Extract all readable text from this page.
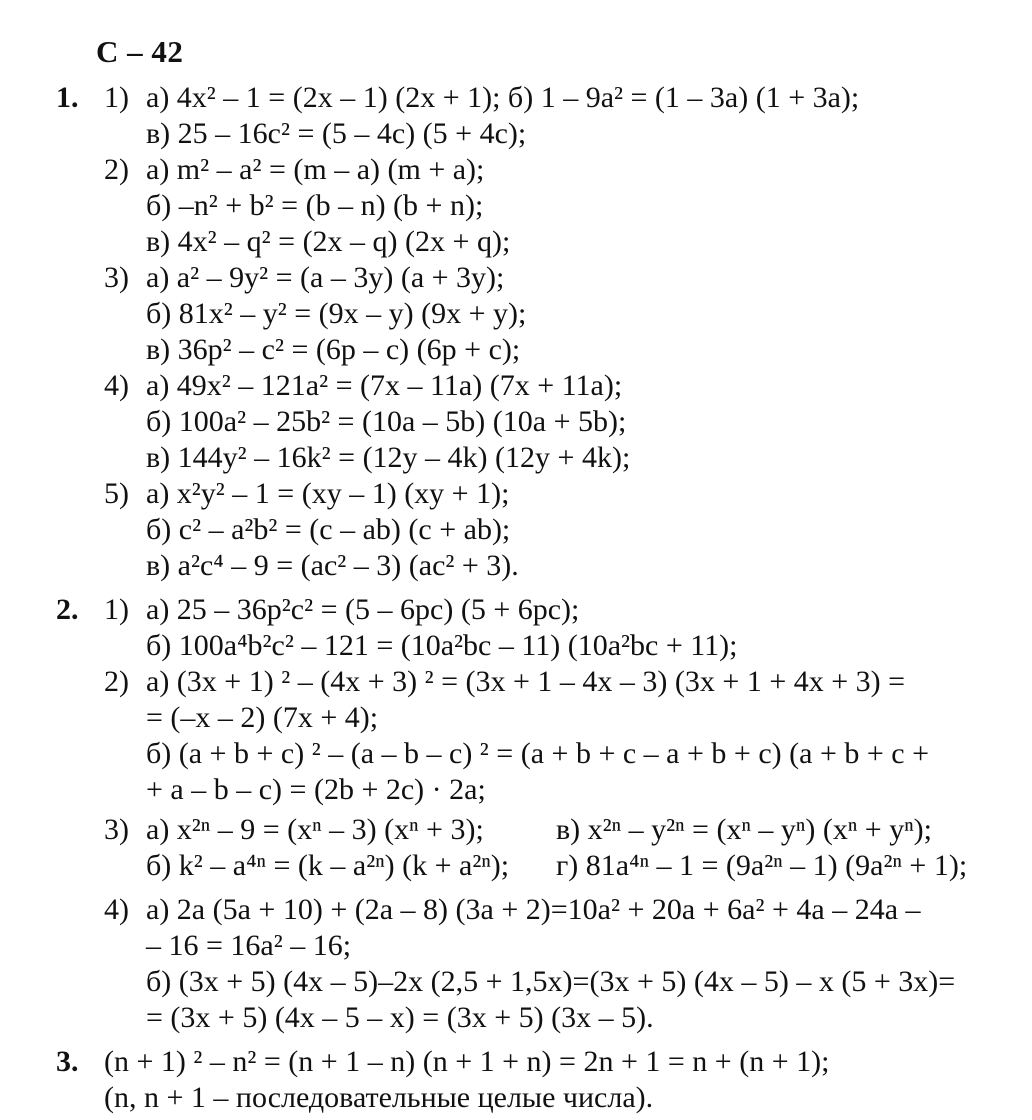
С – 42
1. 1) а) 4x² – 1 = (2x – 1) (2x + 1); б) 1 – 9a² = (1 – 3a) (1 + 3a);
в) 25 – 16c² = (5 – 4c) (5 + 4c);
2) а) m² – a² = (m – a) (m + a);
б) –n² + b² = (b – n) (b + n);
в) 4x² – q² = (2x – q) (2x + q);
3) а) a² – 9y² = (a – 3y) (a + 3y);
б) 81x² – y² = (9x – y) (9x + y);
в) 36p² – c² = (6p – c) (6p + c);
4) а) 49x² – 121a² = (7x – 11a) (7x + 11a);
б) 100a² – 25b² = (10a – 5b) (10a + 5b);
в) 144y² – 16k² = (12y – 4k) (12y + 4k);
5) а) x²y² – 1 = (xy – 1) (xy + 1);
б) c² – a²b² = (c – ab) (c + ab);
в) a²c⁴ – 9 = (ac² – 3) (ac² + 3).
2. 1) а) 25 – 36p²c² = (5 – 6pc) (5 + 6pc);
б) 100a⁴b²c² – 121 = (10a²bc – 11) (10a²bc + 11);
2) а) (3x + 1) ² – (4x + 3) ² = (3x + 1 – 4x – 3) (3x + 1 + 4x + 3) =
= (–x – 2) (7x + 4);
б) (a + b + c) ² – (a – b – c) ² = (a + b + c – a + b + c) (a + b + c +
+ a – b – c) = (2b + 2c) · 2a;
3) а) x²ⁿ – 9 = (xⁿ – 3) (xⁿ + 3);
б) k² – a⁴ⁿ = (k – a²ⁿ) (k + a²ⁿ);
в) x²ⁿ – y²ⁿ = (xⁿ – yⁿ) (xⁿ + yⁿ);
г) 81a⁴ⁿ – 1 = (9a²ⁿ – 1) (9a²ⁿ + 1);
4) а) 2a (5a + 10) + (2a – 8) (3a + 2)=10a² + 20a + 6a² + 4a – 24a –
– 16 = 16a² – 16;
б) (3x + 5) (4x – 5)–2x (2,5 + 1,5x)=(3x + 5) (4x – 5) – x (5 + 3x)=
= (3x + 5) (4x – 5 – x) = (3x + 5) (3x – 5).
3. (n + 1) ² – n² = (n + 1 – n) (n + 1 + n) = 2n + 1 = n + (n + 1);
(n, n + 1 – последовательные целые числа).
